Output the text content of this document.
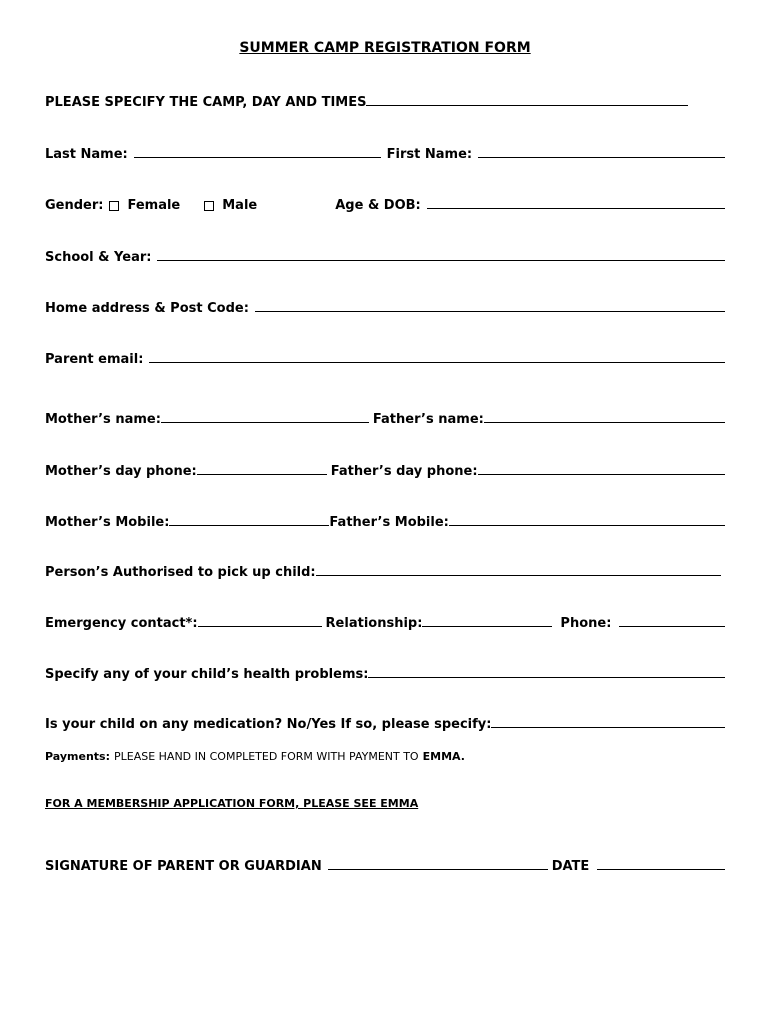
SUMMER CAMP REGISTRATION FORM
PLEASE SPECIFY THE CAMP, DAY AND TIMES
Last Name:	First Name:
Gender: Female	Male	Age & DOB:
School & Year:
Home address & Post Code:
Parent email:
Mother’s name:	Father’s name:
Mother’s day phone:	Father’s day phone:
Mother’s Mobile:	Father’s Mobile:
Person’s Authorised to pick up child:
Emergency contact*:	Relationship:	Phone:
Specify any of your child’s health problems:
Is your child on any medication? No/Yes If so, please specify:
Payments: PLEASE HAND IN COMPLETED FORM WITH PAYMENT TO EMMA.
FOR A MEMBERSHIP APPLICATION FORM, PLEASE SEE EMMA
SIGNATURE OF PARENT OR GUARDIAN	DATE
